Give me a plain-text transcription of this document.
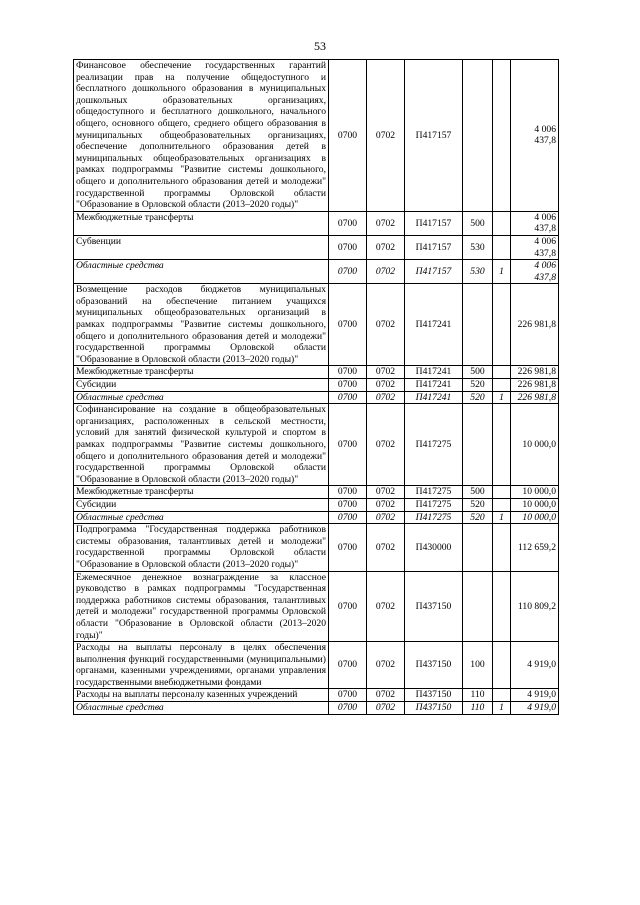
53
Финансовое обеспечение государственных гарантий реализации прав на получение общедоступного и бесплатного дошкольного образования в муниципальных дошкольных образовательных организациях, общедоступного и бесплатного дошкольного, начального общего, основного общего, среднего общего образования в муниципальных общеобразовательных организациях, обеспечение дополнительного образования детей в муниципальных общеобразовательных организациях в рамках подпрограммы "Развитие системы дошкольного, общего и дополнительного образования детей и молодежи" государственной программы Орловской области "Образование в Орловской области (2013–2020 годы)"	0700	0702	П417157			4 006 437,8
Межбюджетные трансферты	0700	0702	П417157	500		4 006 437,8
Субвенции	0700	0702	П417157	530		4 006 437,8
Областные средства	0700	0702	П417157	530	1	4 006 437,8
Возмещение расходов бюджетов муниципальных образований на обеспечение питанием учащихся муниципальных общеобразовательных организаций в рамках подпрограммы "Развитие системы дошкольного, общего и дополнительного образования детей и молодежи" государственной программы Орловской области "Образование в Орловской области (2013–2020 годы)"	0700	0702	П417241			226 981,8
Межбюджетные трансферты	0700	0702	П417241	500		226 981,8
Субсидии	0700	0702	П417241	520		226 981,8
Областные средства	0700	0702	П417241	520	1	226 981,8
Софинансирование на создание в общеобразовательных организациях, расположенных в сельской местности, условий для занятий физической культурой и спортом в рамках подпрограммы "Развитие системы дошкольного, общего и дополнительного образования детей и молодежи" государственной программы Орловской области "Образование в Орловской области (2013–2020 годы)"	0700	0702	П417275			10 000,0
Межбюджетные трансферты	0700	0702	П417275	500		10 000,0
Субсидии	0700	0702	П417275	520		10 000,0
Областные средства	0700	0702	П417275	520	1	10 000,0
Подпрограмма "Государственная поддержка работников системы образования, талантливых детей и молодежи" государственной программы Орловской области "Образование в Орловской области (2013–2020 годы)"	0700	0702	П430000			112 659,2
Ежемесячное денежное вознаграждение за классное руководство в рамках подпрограммы "Государственная поддержка работников системы образования, талантливых детей и молодежи" государственной программы Орловской области "Образование в Орловской области (2013–2020 годы)"	0700	0702	П437150			110 809,2
Расходы на выплаты персоналу в целях обеспечения выполнения функций государственными (муниципальными) органами, казенными учреждениями, органами управления государственными внебюджетными фондами	0700	0702	П437150	100		4 919,0
Расходы на выплаты персоналу казенных учреждений	0700	0702	П437150	110		4 919,0
Областные средства	0700	0702	П437150	110	1	4 919,0
